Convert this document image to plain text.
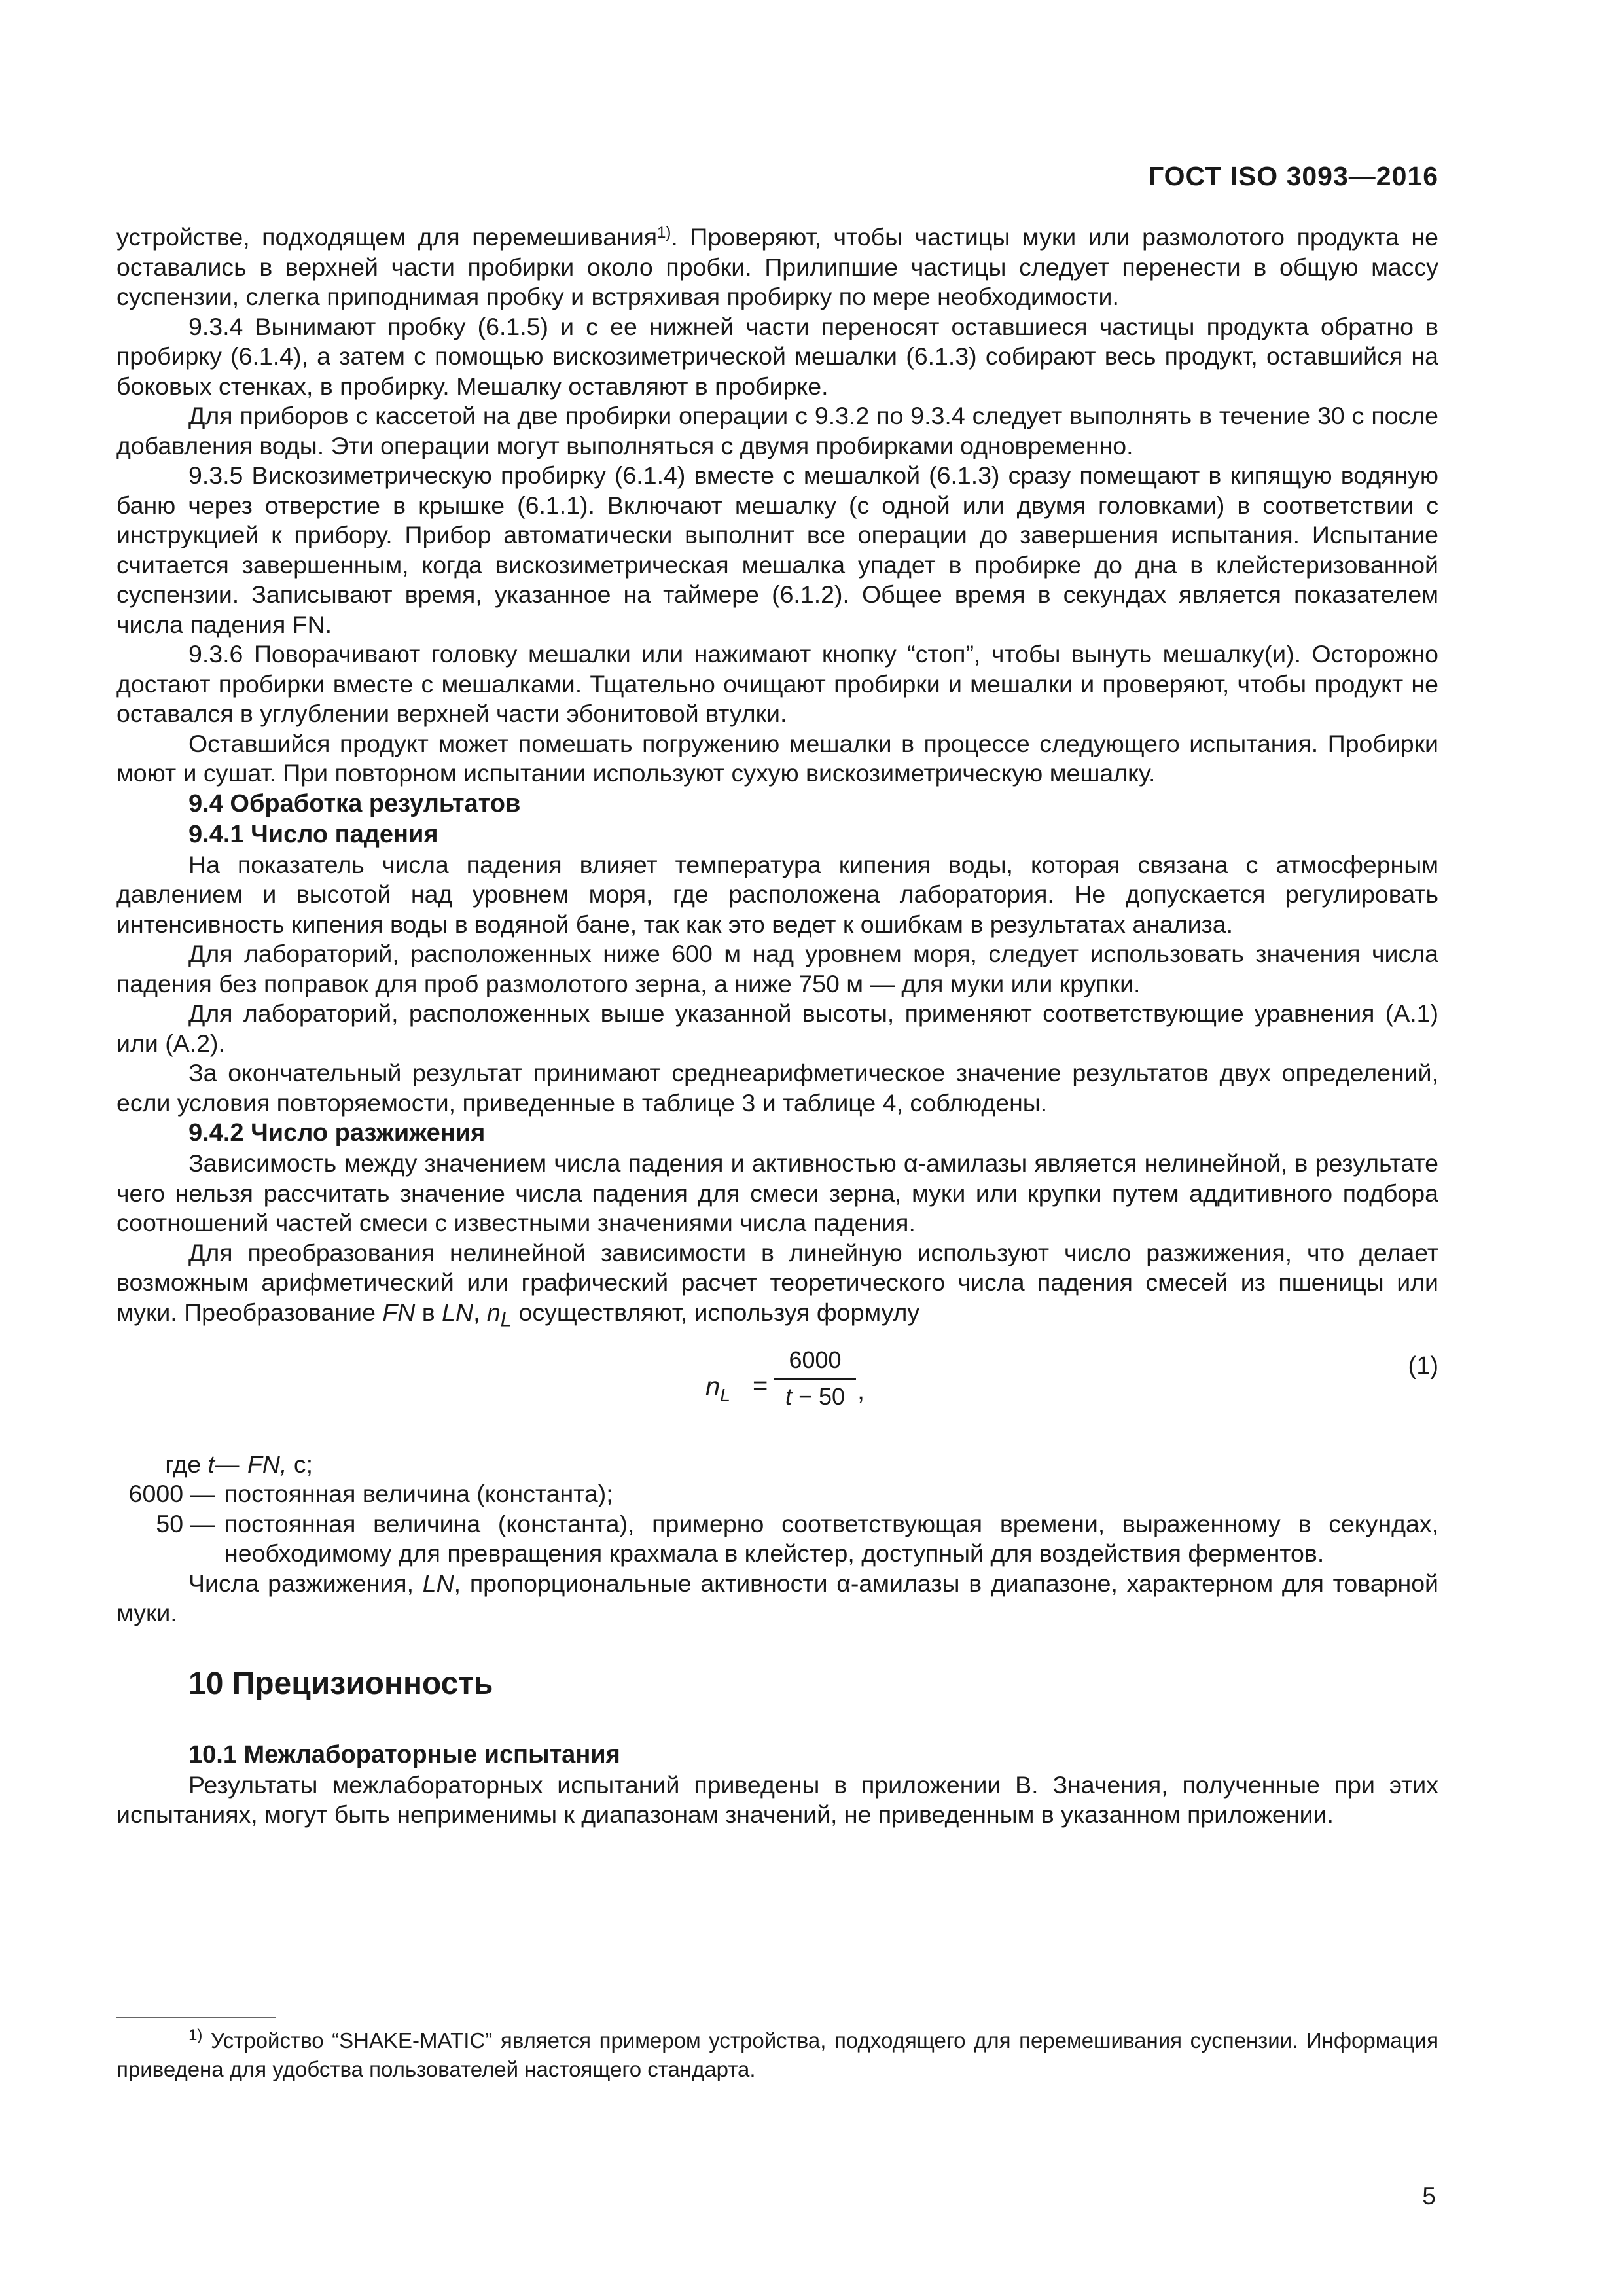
ГОСТ ISO 3093—2016

устройстве, подходящем для перемешивания$^{1)}$. Проверяют, чтобы частицы муки или размолотого продукта не оставались в верхней части пробирки около пробки. Прилипшие частицы следует перенести в общую массу суспензии, слегка приподнимая пробку и встряхивая пробирку по мере необходимости.

9.3.4 Вынимают пробку (6.1.5) и с ее нижней части переносят оставшиеся частицы продукта обратно в пробирку (6.1.4), а затем с помощью вискозиметрической мешалки (6.1.3) собирают весь продукт, оставшийся на боковых стенках, в пробирку. Мешалку оставляют в пробирке.

Для приборов с кассетой на две пробирки операции с 9.3.2 по 9.3.4 следует выполнять в течение 30 с после добавления воды. Эти операции могут выполняться с двумя пробирками одновременно.

9.3.5 Вискозиметрическую пробирку (6.1.4) вместе с мешалкой (6.1.3) сразу помещают в кипящую водяную баню через отверстие в крышке (6.1.1). Включают мешалку (с одной или двумя головками) в соответствии с инструкцией к прибору. Прибор автоматически выполнит все операции до завершения испытания. Испытание считается завершенным, когда вискозиметрическая мешалка упадет в пробирке до дна в клейстеризованной суспензии. Записывают время, указанное на таймере (6.1.2). Общее время в секундах является показателем числа падения FN.

9.3.6 Поворачивают головку мешалки или нажимают кнопку “стоп”, чтобы вынуть мешалку(и). Осторожно достают пробирки вместе с мешалками. Тщательно очищают пробирки и мешалки и проверяют, чтобы продукт не оставался в углублении верхней части эбонитовой втулки.

Оставшийся продукт может помешать погружению мешалки в процессе следующего испытания. Пробирки моют и сушат. При повторном испытании используют сухую вискозиметрическую мешалку.

9.4 Обработка результатов

9.4.1 Число падения

На показатель числа падения влияет температура кипения воды, которая связана с атмосферным давлением и высотой над уровнем моря, где расположена лаборатория. Не допускается регулировать интенсивность кипения воды в водяной бане, так как это ведет к ошибкам в результатах анализа.

Для лабораторий, расположенных ниже 600 м над уровнем моря, следует использовать значения числа падения без поправок для проб размолотого зерна, а ниже 750 м — для муки или крупки.

Для лабораторий, расположенных выше указанной высоты, применяют соответствующие уравнения (А.1) или (А.2).

За окончательный результат принимают среднеарифметическое значение результатов двух определений, если условия повторяемости, приведенные в таблице 3 и таблице 4, соблюдены.

9.4.2 Число разжижения

Зависимость между значением числа падения и активностью α-амилазы является нелинейной, в результате чего нельзя рассчитать значение числа падения для смеси зерна, муки или крупки путем аддитивного подбора соотношений частей смеси с известными значениями числа падения.

Для преобразования нелинейной зависимости в линейную используют число разжижения, что делает возможным арифметический или графический расчет теоретического числа падения смесей из пшеницы или муки. Преобразование FN в LN, $n_L$ осуществляют, используя формулу

$n_L$ =
6000
t − 50 ,
(1)
где t — FN, с;
6000 — постоянная величина (константа);
50 — постоянная величина (константа), примерно соответствующая времени, выраженному в секундах, необходимому для превращения крахмала в клейстер, доступный для воздействия ферментов.

Числа разжижения, LN, пропорциональные активности α-амилазы в диапазоне, характерном для товарной муки.

10 Прецизионность

10.1 Межлабораторные испытания

Результаты межлабораторных испытаний приведены в приложении В. Значения, полученные при этих испытаниях, могут быть неприменимы к диапазонам значений, не приведенным в указанном приложении.

$^{1)}$ Устройство “SHAKE-MATIC” является примером устройства, подходящего для перемешивания суспензии. Информация приведена для удобства пользователей настоящего стандарта.
5
